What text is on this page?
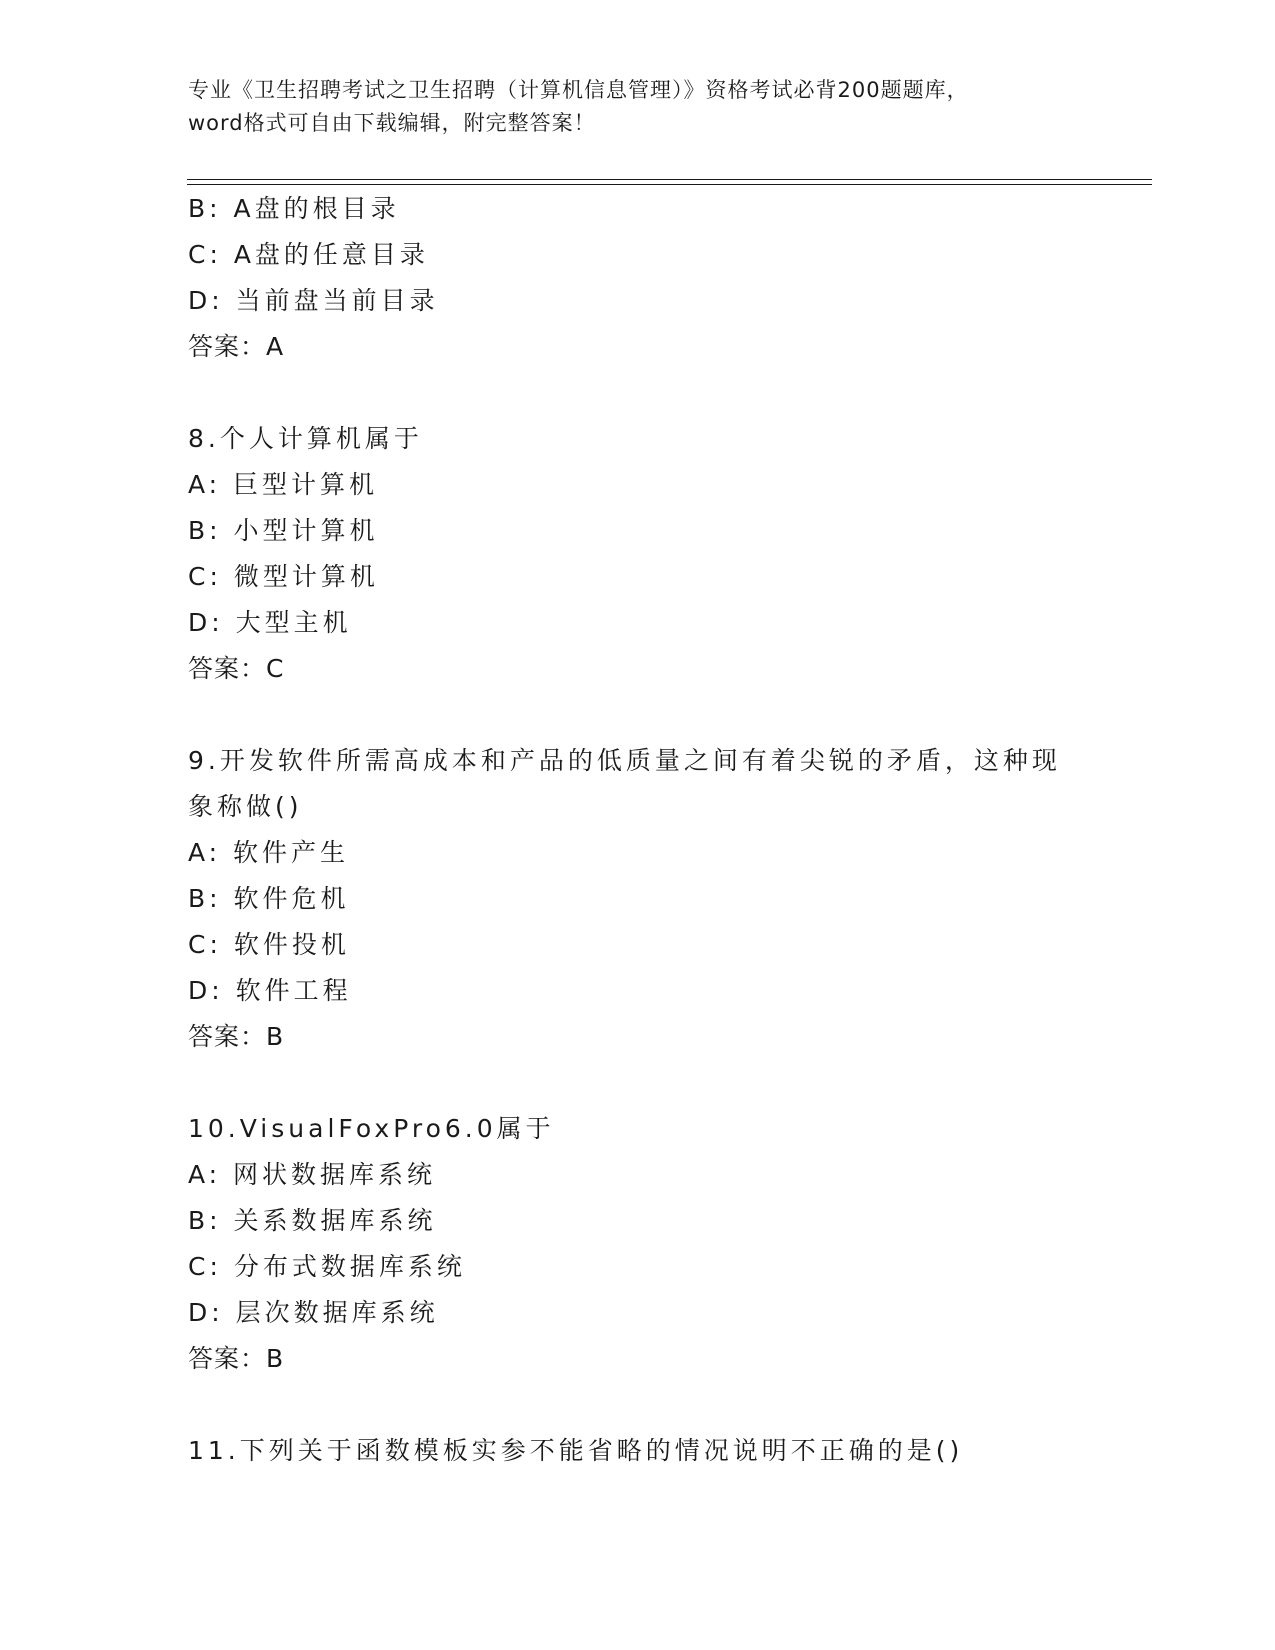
专业《卫生招聘考试之卫生招聘（计算机信息管理）》资格考试必背200题题库，
word格式可自由下载编辑，附完整答案！
B: A盘的根目录
C: A盘的任意目录
D: 当前盘当前目录
答案：A
8.个人计算机属于
A: 巨型计算机
B: 小型计算机
C: 微型计算机
D: 大型主机
答案：C
9.开发软件所需高成本和产品的低质量之间有着尖锐的矛盾，这种现
象称做()
A: 软件产生
B: 软件危机
C: 软件投机
D: 软件工程
答案：B
10.VisualFoxPro6.0属于
A: 网状数据库系统
B: 关系数据库系统
C: 分布式数据库系统
D: 层次数据库系统
答案：B
11.下列关于函数模板实参不能省略的情况说明不正确的是()
